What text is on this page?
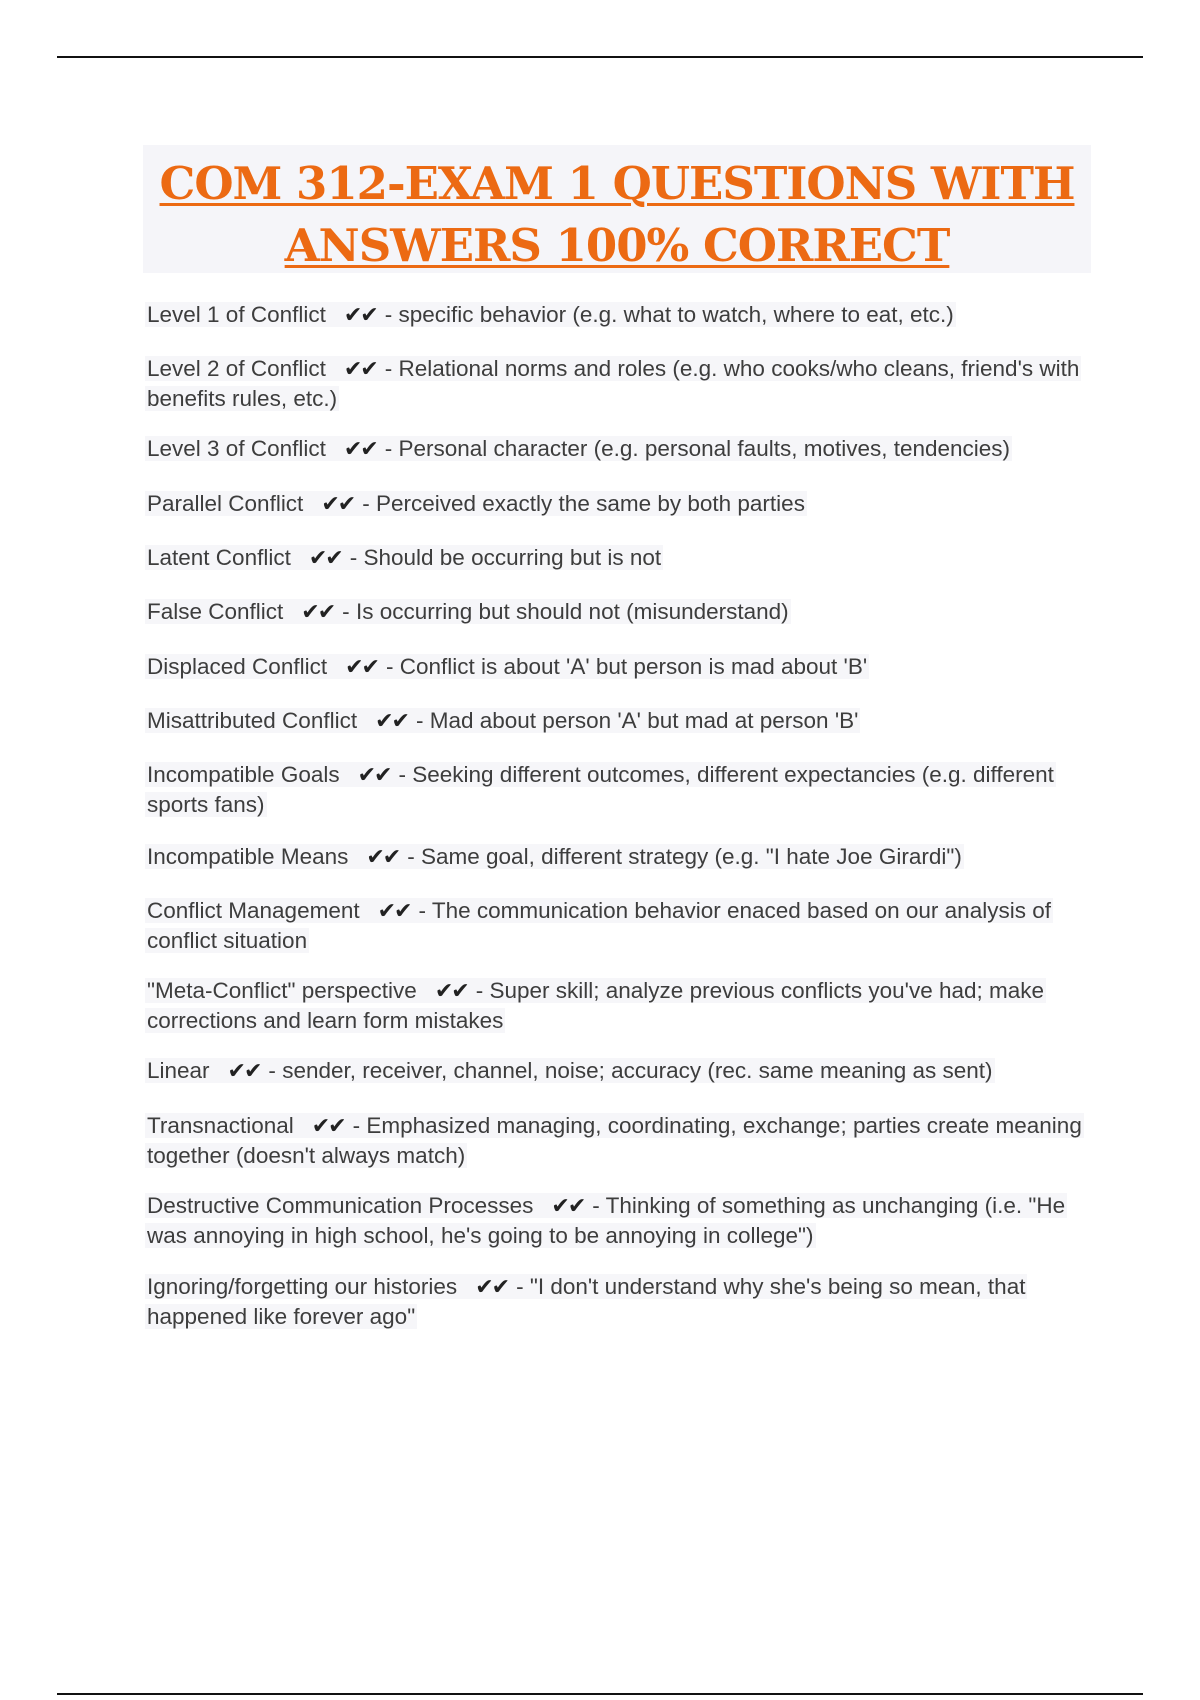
COM 312-EXAM 1 QUESTIONS WITH ANSWERS 100% CORRECT
Level 1 of Conflict ✔✔ - specific behavior (e.g. what to watch, where to eat, etc.)
Level 2 of Conflict ✔✔ - Relational norms and roles (e.g. who cooks/who cleans, friend's with benefits rules, etc.)
Level 3 of Conflict ✔✔ - Personal character (e.g. personal faults, motives, tendencies)
Parallel Conflict ✔✔ - Perceived exactly the same by both parties
Latent Conflict ✔✔ - Should be occurring but is not
False Conflict ✔✔ - Is occurring but should not (misunderstand)
Displaced Conflict ✔✔ - Conflict is about 'A' but person is mad about 'B'
Misattributed Conflict ✔✔ - Mad about person 'A' but mad at person 'B'
Incompatible Goals ✔✔ - Seeking different outcomes, different expectancies (e.g. different sports fans)
Incompatible Means ✔✔ - Same goal, different strategy (e.g. "I hate Joe Girardi")
Conflict Management ✔✔ - The communication behavior enaced based on our analysis of conflict situation
"Meta-Conflict" perspective ✔✔ - Super skill; analyze previous conflicts you've had; make corrections and learn form mistakes
Linear ✔✔ - sender, receiver, channel, noise; accuracy (rec. same meaning as sent)
Transnactional ✔✔ - Emphasized managing, coordinating, exchange; parties create meaning together (doesn't always match)
Destructive Communication Processes ✔✔ - Thinking of something as unchanging (i.e. "He was annoying in high school, he's going to be annoying in college")
Ignoring/forgetting our histories ✔✔ - "I don't understand why she's being so mean, that happened like forever ago"
